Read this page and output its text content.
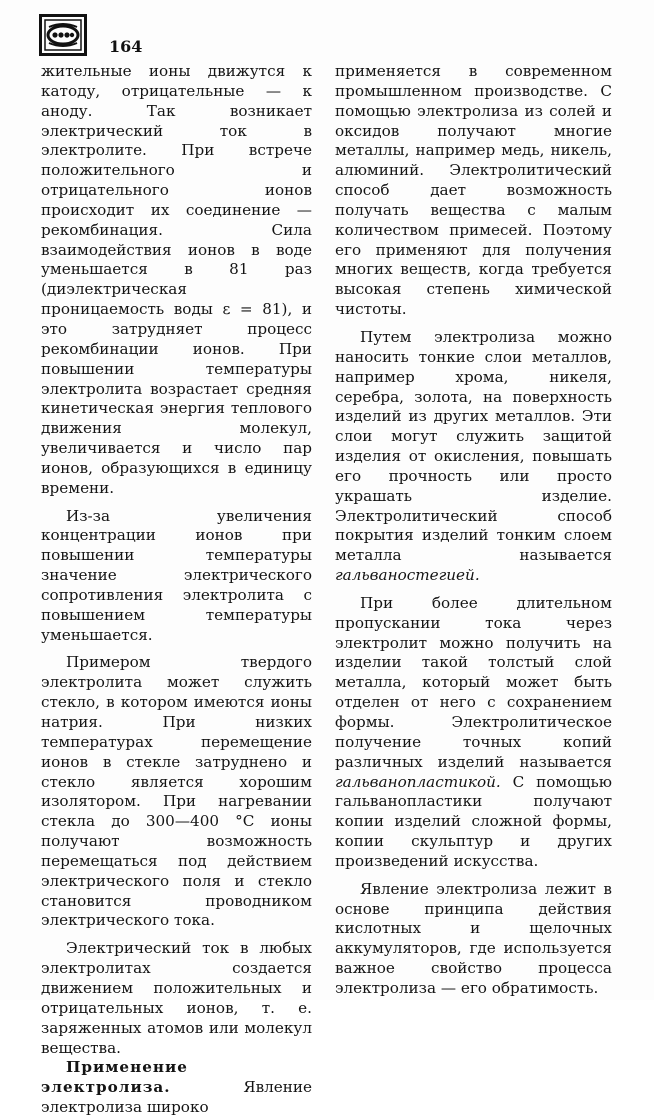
164

жительные ионы движутся к катоду, отрицательные — к аноду. Так возникает электрический ток в электролите. При встрече положительного и отрицательного ионов происходит их соединение — рекомбинация. Сила взаимодействия ионов в воде уменьшается в 81 раз (диэлектрическая проницаемость воды ε = 81), и это затрудняет процесс рекомбинации ионов. При повышении температуры электролита возрастает средняя кинетическая энергия теплового движения молекул, увеличивается и число пар ионов, образующихся в единицу времени.

Из-за увеличения концентрации ионов при повышении температуры значение электрического сопротивления электролита с повышением температуры уменьшается.

Примером твердого электролита может служить стекло, в котором имеются ионы натрия. При низких температурах перемещение ионов в стекле затруднено и стекло является хорошим изолятором. При нагревании стекла до 300—400 °С ионы получают возможность перемещаться под действием электрического поля и стекло становится проводником электрического тока.

Электрический ток в любых электролитах создается движением положительных и отрицательных ионов, т. е. заряженных атомов или молекул вещества.

Применение электролиза.	Явление электролиза широко

применяется в современном промышленном производстве. С помощью электролиза из солей и оксидов получают многие металлы, например медь, никель, алюминий. Электролитический способ дает возможность получать вещества с малым количеством примесей. Поэтому его применяют для получения многих веществ, когда требуется высокая степень химической чистоты.

Путем электролиза можно наносить тонкие слои металлов, например хрома, никеля, серебра, золота, на поверхность изделий из других металлов. Эти слои могут служить защитой изделия от окисления, повышать его прочность или просто украшать изделие. Электролитический способ покрытия изделий тонким слоем металла называется гальваностегией.

При более длительном пропускании тока через электролит можно получить на изделии такой толстый слой металла, который может быть отделен от него с сохранением формы. Электролитическое получение точных копий различных изделий называется гальванопластикой. С помощью гальванопластики получают копии изделий сложной формы, копии скульптур и других произведений искусства.

Явление электролиза лежит в основе принципа действия кислотных и щелочных аккумуляторов, где используется важное свойство процесса электролиза — его обратимость.
